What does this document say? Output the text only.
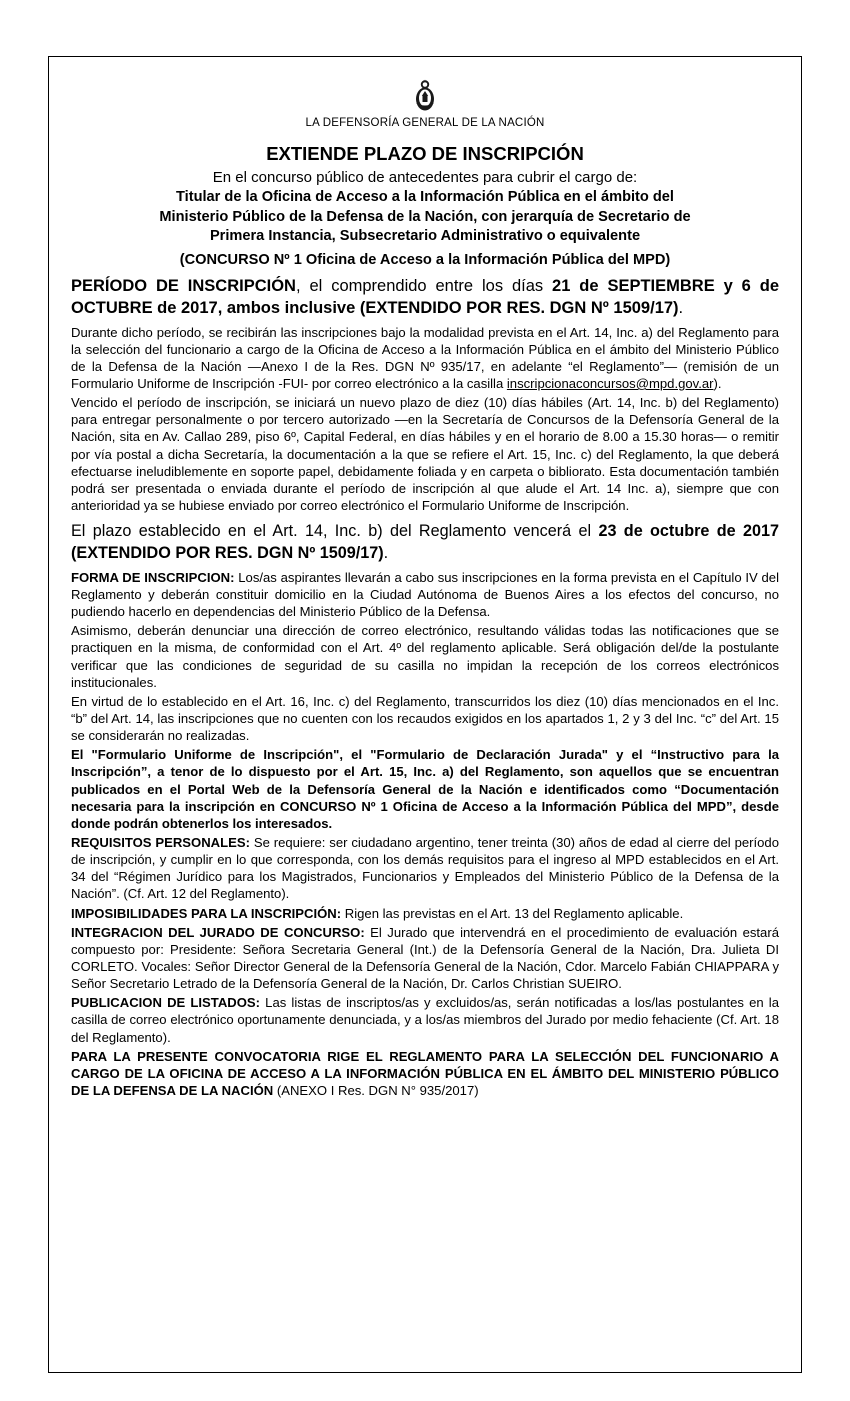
LA DEFENSORÍA GENERAL DE LA NACIÓN
EXTIENDE PLAZO DE INSCRIPCIÓN
En el concurso público de antecedentes para cubrir el cargo de:
Titular de la Oficina de Acceso a la Información Pública en el ámbito del
Ministerio Público de la Defensa de la Nación, con jerarquía de Secretario de
Primera Instancia, Subsecretario Administrativo o equivalente
(CONCURSO Nº 1 Oficina de Acceso a la Información Pública del MPD)
PERÍODO DE INSCRIPCIÓN, el comprendido entre los días 21 de SEPTIEMBRE y 6 de OCTUBRE de 2017, ambos inclusive (EXTENDIDO POR RES. DGN Nº 1509/17).

Durante dicho período, se recibirán las inscripciones bajo la modalidad prevista en el Art. 14, Inc. a) del Reglamento para la selección del funcionario a cargo de la Oficina de Acceso a la Información Pública en el ámbito del Ministerio Público de la Defensa de la Nación —Anexo I de la Res. DGN Nº 935/17, en adelante “el Reglamento”— (remisión de un Formulario Uniforme de Inscripción -FUI- por correo electrónico a la casilla inscripcionaconcursos@mpd.gov.ar).

Vencido el período de inscripción, se iniciará un nuevo plazo de diez (10) días hábiles (Art. 14, Inc. b) del Reglamento) para entregar personalmente o por tercero autorizado —en la Secretaría de Concursos de la Defensoría General de la Nación, sita en Av. Callao 289, piso 6º, Capital Federal, en días hábiles y en el horario de 8.00 a 15.30 horas— o remitir por vía postal a dicha Secretaría, la documentación a la que se refiere el Art. 15, Inc. c) del Reglamento, la que deberá efectuarse ineludiblemente en soporte papel, debidamente foliada y en carpeta o bibliorato. Esta documentación también podrá ser presentada o enviada durante el período de inscripción al que alude el Art. 14 Inc. a), siempre que con anterioridad ya se hubiese enviado por correo electrónico el Formulario Uniforme de Inscripción.

El plazo establecido en el Art. 14, Inc. b) del Reglamento vencerá el 23 de octubre de 2017 (EXTENDIDO POR RES. DGN Nº 1509/17).

FORMA DE INSCRIPCION: Los/as aspirantes llevarán a cabo sus inscripciones en la forma prevista en el Capítulo IV del Reglamento y deberán constituir domicilio en la Ciudad Autónoma de Buenos Aires a los efectos del concurso, no pudiendo hacerlo en dependencias del Ministerio Público de la Defensa.

Asimismo, deberán denunciar una dirección de correo electrónico, resultando válidas todas las notificaciones que se practiquen en la misma, de conformidad con el Art. 4º del reglamento aplicable. Será obligación del/de la postulante verificar que las condiciones de seguridad de su casilla no impidan la recepción de los correos electrónicos institucionales.

En virtud de lo establecido en el Art. 16, Inc. c) del Reglamento, transcurridos los diez (10) días mencionados en el Inc. “b” del Art. 14, las inscripciones que no cuenten con los recaudos exigidos en los apartados 1, 2 y 3 del Inc. “c” del Art. 15 se considerarán no realizadas.

El "Formulario Uniforme de Inscripción", el "Formulario de Declaración Jurada" y el “Instructivo para la Inscripción”, a tenor de lo dispuesto por el Art. 15, Inc. a) del Reglamento, son aquellos que se encuentran publicados en el Portal Web de la Defensoría General de la Nación e identificados como “Documentación necesaria para la inscripción en CONCURSO Nº 1 Oficina de Acceso a la Información Pública del MPD”, desde donde podrán obtenerlos los interesados.

REQUISITOS PERSONALES: Se requiere: ser ciudadano argentino, tener treinta (30) años de edad al cierre del período de inscripción, y cumplir en lo que corresponda, con los demás requisitos para el ingreso al MPD establecidos en el Art. 34 del “Régimen Jurídico para los Magistrados, Funcionarios y Empleados del Ministerio Público de la Defensa de la Nación”. (Cf. Art. 12 del Reglamento).

IMPOSIBILIDADES PARA LA INSCRIPCIÓN: Rigen las previstas en el Art. 13 del Reglamento aplicable.

INTEGRACION DEL JURADO DE CONCURSO: El Jurado que intervendrá en el procedimiento de evaluación estará compuesto por: Presidente: Señora Secretaria General (Int.) de la Defensoría General de la Nación, Dra. Julieta DI CORLETO. Vocales: Señor Director General de la Defensoría General de la Nación, Cdor. Marcelo Fabián CHIAPPARA y Señor Secretario Letrado de la Defensoría General de la Nación, Dr. Carlos Christian SUEIRO.

PUBLICACION DE LISTADOS: Las listas de inscriptos/as y excluidos/as, serán notificadas a los/las postulantes en la casilla de correo electrónico oportunamente denunciada, y a los/as miembros del Jurado por medio fehaciente (Cf. Art. 18 del Reglamento).

PARA LA PRESENTE CONVOCATORIA RIGE EL REGLAMENTO PARA LA SELECCIÓN DEL FUNCIONARIO A CARGO DE LA OFICINA DE ACCESO A LA INFORMACIÓN PÚBLICA EN EL ÁMBITO DEL MINISTERIO PÚBLICO DE LA DEFENSA DE LA NACIÓN (ANEXO I Res. DGN N° 935/2017)
